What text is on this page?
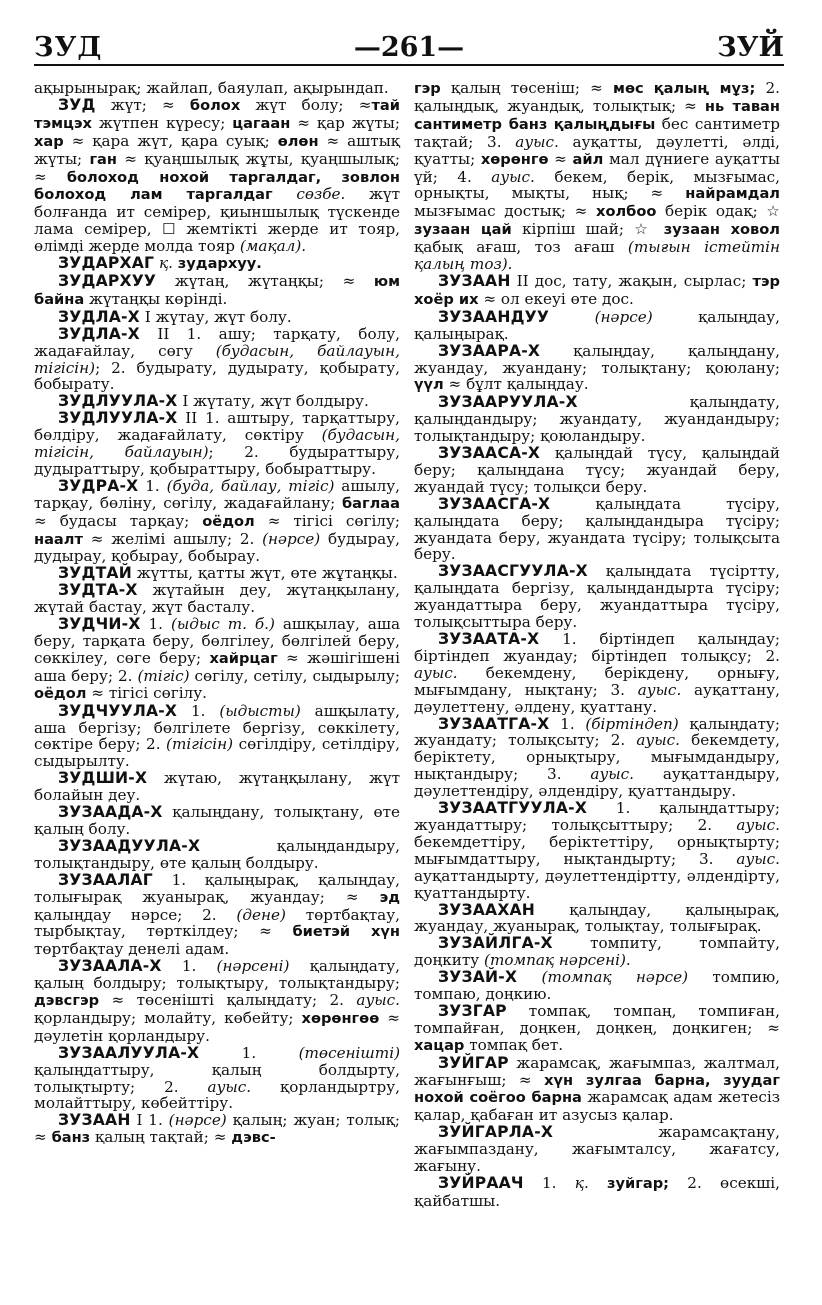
ЗУД	—261—	ЗУЙ

ақырынырақ; жайлап, баяулап, ақырындап.

ЗУД жүт; ≈ болох жүт болу; ≈тай тэмцэх жүтпен күресу; цагаан ≈ қар жүты; хар ≈ қара жүт, қара суық; өлөн ≈ аштық жүты; ган ≈ қуаңшылық жұты, қуаңшылық; ≈ болоход нохой таргалдаг, зовлон болоход лам таргалдаг сөзбе. жүт болғанда ит семірер, қиыншылық түскенде лама семірер, ☐ жемтікті жерде ит тояр, өлімді жерде молда тояр (мақал).

ЗУДАРХАГ қ. зудархуу.

ЗУДАРХУУ жүтаң, жүтаңқы; ≈ юм байна жүтаңқы көрінді.

ЗУДЛА-Х I жүтау, жүт болу.

ЗУДЛА-Х II 1. ашу; тарқату, болу, жадағайлау, сөгу (будасын, байлауын, тігісін); 2. будырату, дудырату, қобырату, бобырату.

ЗУДЛУУЛА-Х I жүтату, жүт болдыру.

ЗУДЛУУЛА-Х II 1. аштыру, тарқаттыру, бөлдіру, жадағайлату, сөктіру (будасын, тігісін, байлауын); 2. будыраттыру, дудыраттыру, қобыраттыру, бобыраттыру.

ЗУДРА-Х 1. (буда, байлау, тігіс) ашылу, тарқау, бөліну, сөгілу, жадағайлану; баглаа ≈ будасы тарқау; оёдол ≈ тігісі сөгілу; наалт ≈ желімі ашылу; 2. (нәрсе) будырау, дудырау, қобырау, бобырау.

ЗУДТАЙ жүтты, қатты жүт, өте жұтаңқы.

ЗУДТА-Х жүтайын деу, жүтаңқылану, жүтай бастау, жүт басталу.

ЗУДЧИ-Х 1. (ыдыс т. б.) ашқылау, аша беру, тарқата беру, бөлгілеу, бөлгілей беру, сөккілеу, сөге беру; хайрцаг ≈ жәшігішені аша беру; 2. (тігіс) сөгілу, сетілу, сыдырылу; оёдол ≈ тігісі сөгілу.

ЗУДЧУУЛА-Х 1. (ыдысты) ашқылату, аша бергізу; бөлгілете бергізу, сөккілету, сөктіре беру; 2. (тігісін) сөгілдіру, сетілдіру, сыдырылту.

ЗУДШИ-Х жүтаю, жүтаңқылану, жүт болайын деу.

ЗУЗААДА-Х қалыңдану, толықтану, өте қалың болу.

ЗУЗААДУУЛА-Х қалыңдандыру, толықтандыру, өте қалың болдыру.

ЗУЗААЛАГ 1. қалыңырақ, қалыңдау, толығырақ жуанырақ, жуандау; ≈ эд қалыңдау нәрсе; 2. (дене) төртбақтау, тырбықтау, төрткілдеу; ≈ биетэй хүн төртбақтау денелі адам.

ЗУЗААЛА-Х 1. (нәрсені) қалыңдату, қалың болдыру; толықтыру, толықтандыру; дэвсгэр ≈ төсенішті қалыңдату; 2. ауыс. қорландыру; молайту, көбейту; хөрөнгөө ≈ дәулетін қорландыру.

ЗУЗААЛУУЛА-Х 1. (төсенішті) қалыңдаттыру, қалың болдырту, толықтырту; 2. ауыс. қорландыртру, молайттыру, көбейттіру.

ЗУЗААН I 1. (нәрсе) қалың; жуан; толық; ≈ банз қалың тақтай; ≈ дэвс-

гэр қалың төсеніш; ≈ мөс қалың мұз; 2. қалыңдық, жуандық, толықтық; ≈ нь таван сантиметр банз қалыңдығы бес сантиметр тақтай; 3. ауыс. ауқатты, дәулетті, әлді, қуатты; хөрөнгө ≈ айл мал дүниеге ауқатты үй; 4. ауыс. бекем, берік, мызғымас, орнықты, мықты, нық; ≈ найрамдал мызғымас достық; ≈ холбоо берік одақ; ☆ зузаан цай кірпіш шай; ☆ зузаан ховол қабық ағаш, тоз ағаш (тығын істейтін қалың тоз).

ЗУЗААН II дос, тату, жақын, сырлас; тэр хоёр их ≈ ол екеуі өте дос.

ЗУЗААНДУУ	(нәрсе) қалыңдау, қалыңырақ.

ЗУЗААРА-Х қалыңдау, қалыңдану, жуандау, жуандану; толықтану; қоюлану; үүл ≈ бұлт қалыңдау.

ЗУЗААРУУЛА-Х қалыңдату, қалыңдандыру; жуандату, жуандандыру; толықтандыру; қоюландыру.

ЗУЗААСА-Х қалыңдай түсу, қалыңдай беру; қалыңдана түсу; жуандай беру, жуандай түсу; толықси беру.

ЗУЗААСГА-Х қалыңдата түсіру, қалыңдата беру; қалыңдандыра түсіру; жуандата беру, жуандата түсіру; толықсыта беру.

ЗУЗААСГУУЛА-Х қалыңдата түсіртту, қалыңдата бергізу, қалыңдандырта түсіру; жуандаттыра беру, жуандаттыра түсіру, толықсыттыра беру.

ЗУЗААТА-Х 1. біртіндеп қалыңдау; біртіндеп жуандау; біртіндеп толықсу; 2. ауыс. бекемдену, берікдену, орнығу, мығымдану, нықтану; 3. ауыс. ауқаттану, дәулеттену, әлдену, қуаттану.

ЗУЗААТГА-Х 1. (біртіндеп) қалыңдату; жуандату; толықсыту; 2. ауыс. бекемдету, беріктету, орнықтыру, мығымдандыру, нықтандыру; 3. ауыс. ауқаттандыру, дәулеттендіру, әлдендіру, қуаттандыру.

ЗУЗААТГУУЛА-Х 1. қалыңдаттыру; жуандаттыру; толықсыттыру; 2. ауыс. бекемдеттіру, беріктеттіру, орнықтырту; мығымдаттыру, нықтандырту; 3. ауыс. ауқаттандырту, дәулеттендіртту, әлдендірту, қуаттандырту.

ЗУЗААХАН қалыңдау, қалыңырақ, жуандау, жуанырақ, толықтау, толығырақ.

ЗУЗАЙЛГА-Х томпиту, томпайту, доңкиту (томпақ нәрсені).

ЗУЗАЙ-Х (томпақ нәрсе) томпию, томпаю, доңкию.

ЗУЗГАР томпақ, томпаң, томпиған, томпайған, доңкен, доңкең, доңкиген; ≈ хацар томпақ бет.

ЗУЙГАР жарамсақ, жағымпаз, жалтмал, жағынғыш; ≈ хүн зулгаа барна, зуудаг нохой соёгоо барна жарамсақ адам жетесіз қалар, қабаған ит азусыз қалар.

ЗУЙГАРЛА-Х жарамсақтану, жағымпаздану, жағымталсу, жағатсу, жағыну.

ЗУЙРААЧ 1. қ. зуйгар; 2. өсекші, қайбатшы.
